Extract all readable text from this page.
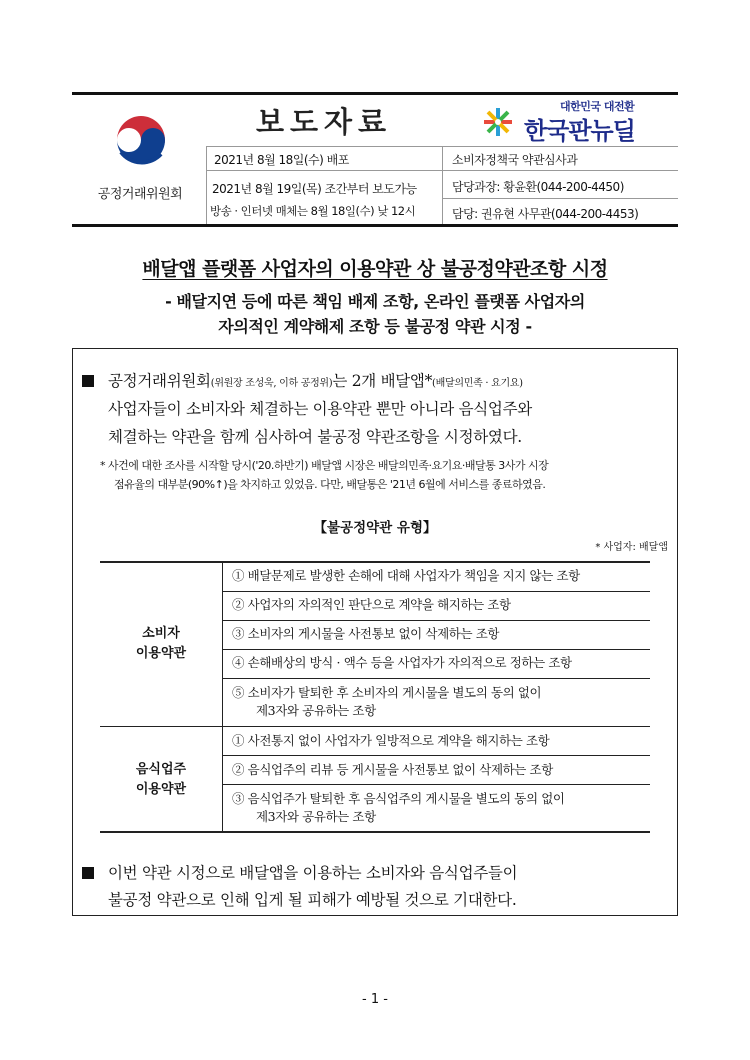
공정거래위원회
보도자료
2021년 8월 18일(수) 배포
2021년 8월 19일(목) 조간부터 보도가능
방송 · 인터넷 매체는 8월 18일(수) 낮 12시
소비자정책국 약관심사과
담당과장: 황윤환(044-200-4450)
담당: 권유현 사무관(044-200-4453)
대한민국 대전환
한국판뉴딜
배달앱 플랫폼 사업자의 이용약관 상 불공정약관조항 시정
- 배달지연 등에 따른 책임 배제 조항, 온라인 플랫폼 사업자의
자의적인 계약해제 조항 등 불공정 약관 시정 -
공정거래위원회(위원장 조성욱, 이하 공정위)는 2개 배달앱*(배달의민족 · 요기요)
사업자들이 소비자와 체결하는 이용약관 뿐만 아니라 음식업주와
체결하는 약관을 함께 심사하여 불공정 약관조항을 시정하였다.
* 사건에 대한 조사를 시작할 당시('20.하반기) 배달앱 시장은 배달의민족·요기요·배달통 3사가 시장
점유율의 대부분(90%↑)을 차지하고 있었음. 다만, 배달통은 '21년 6월에 서비스를 종료하였음.
【불공정약관 유형】
* 사업자: 배달앱
소비자
이용약관
① 배달문제로 발생한 손해에 대해 사업자가 책임을 지지 않는 조항
② 사업자의 자의적인 판단으로 계약을 해지하는 조항
③ 소비자의 게시물을 사전통보 없이 삭제하는 조항
④ 손해배상의 방식 · 액수 등을 사업자가 자의적으로 정하는 조항
⑤ 소비자가 탈퇴한 후 소비자의 게시물을 별도의 동의 없이
제3자와 공유하는 조항
음식업주
이용약관
① 사전통지 없이 사업자가 일방적으로 계약을 해지하는 조항
② 음식업주의 리뷰 등 게시물을 사전통보 없이 삭제하는 조항
③ 음식업주가 탈퇴한 후 음식업주의 게시물을 별도의 동의 없이
제3자와 공유하는 조항
이번 약관 시정으로 배달앱을 이용하는 소비자와 음식업주들이
불공정 약관으로 인해 입게 될 피해가 예방될 것으로 기대한다.
- 1 -
